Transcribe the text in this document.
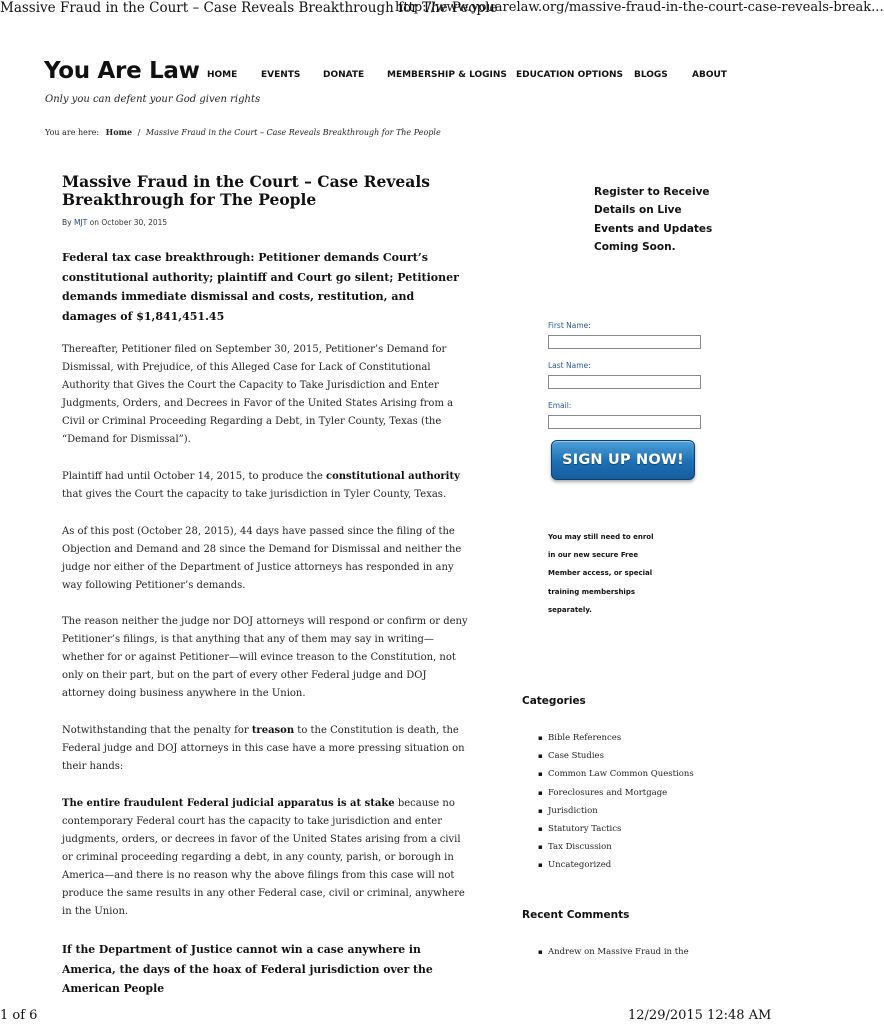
Massive Fraud in the Court – Case Reveals Breakthrough for The People
http://www.youarelaw.org/massive-fraud-in-the-court-case-reveals-break...
You Are Law
Only you can defent your God given rights
HOME	EVENTS	DONATE	MEMBERSHIP & LOGINS EDUCATION OPTIONS BLOGS	ABOUT
You are here: Home / Massive Fraud in the Court – Case Reveals Breakthrough for The People
Massive Fraud in the Court – Case Reveals Breakthrough for The People
By MJT on October 30, 2015
Federal tax case breakthrough: Petitioner demands Court’s constitutional authority; plaintiff and Court go silent; Petitioner demands immediate dismissal and costs, restitution, and damages of $1,841,451.45
Thereafter, Petitioner filed on September 30, 2015, Petitioner’s Demand for Dismissal, with Prejudice, of this Alleged Case for Lack of Constitutional Authority that Gives the Court the Capacity to Take Jurisdiction and Enter Judgments, Orders, and Decrees in Favor of the United States Arising from a Civil or Criminal Proceeding Regarding a Debt, in Tyler County, Texas (the “Demand for Dismissal”).
Plaintiff had until October 14, 2015, to produce the constitutional authority that gives the Court the capacity to take jurisdiction in Tyler County, Texas.
As of this post (October 28, 2015), 44 days have passed since the filing of the Objection and Demand and 28 since the Demand for Dismissal and neither the judge nor either of the Department of Justice attorneys has responded in any way following Petitioner’s demands.
The reason neither the judge nor DOJ attorneys will respond or confirm or deny Petitioner’s filings, is that anything that any of them may say in writing—whether for or against Petitioner—will evince treason to the Constitution, not only on their part, but on the part of every other Federal judge and DOJ attorney doing business anywhere in the Union.
Notwithstanding that the penalty for treason to the Constitution is death, the Federal judge and DOJ attorneys in this case have a more pressing situation on their hands:
The entire fraudulent Federal judicial apparatus is at stake because no contemporary Federal court has the capacity to take jurisdiction and enter judgments, orders, or decrees in favor of the United States arising from a civil or criminal proceeding regarding a debt, in any county, parish, or borough in America—and there is no reason why the above filings from this case will not produce the same results in any other Federal case, civil or criminal, anywhere in the Union.
If the Department of Justice cannot win a case anywhere in America, the days of the hoax of Federal jurisdiction over the American People
Register to Receive Details on Live Events and Updates Coming Soon.
First Name:
Last Name:
Email:
SIGN UP NOW!
You may still need to enrol in our new secure Free Member access, or special training memberships separately.
Categories
▪ Bible References
▪ Case Studies
▪ Common Law Common Questions
▪ Foreclosures and Mortgage
▪ Jurisdiction
▪ Statutory Tactics
▪ Tax Discussion
▪ Uncategorized
Recent Comments
▪ Andrew on Massive Fraud in the
1 of 6	12/29/2015 12:48 AM
